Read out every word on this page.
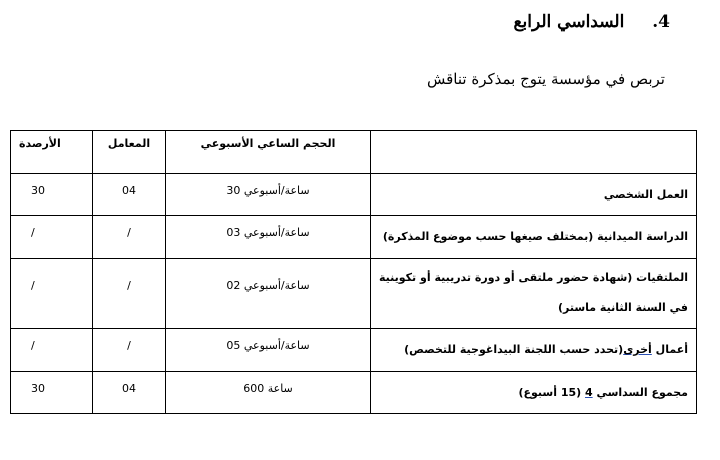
4. السداسي الرابع
تربص في مؤسسة يتوج بمذكرة تناقش
الأرصدة	المعامل	الحجم الساعي الأسبوعي	
30	04	30 ساعة/أسبوعي	العمل الشخصي
/	/	03 ساعة/أسبوعي	الدراسة الميدانية (بمختلف صيغها حسب موضوع المذكرة)
/	/	02 ساعة/أسبوعي	الملتقيات (شهادة حضور ملتقى أو دورة تدريبية أو تكوينية في السنة الثانية ماستر)
/	/	05 ساعة/أسبوعي	أعمال أخرى(تحدد حسب اللجنة البيداغوجية للتخصص)
30	04	600 ساعة	مجموع السداسي 4 (15 أسبوع)
